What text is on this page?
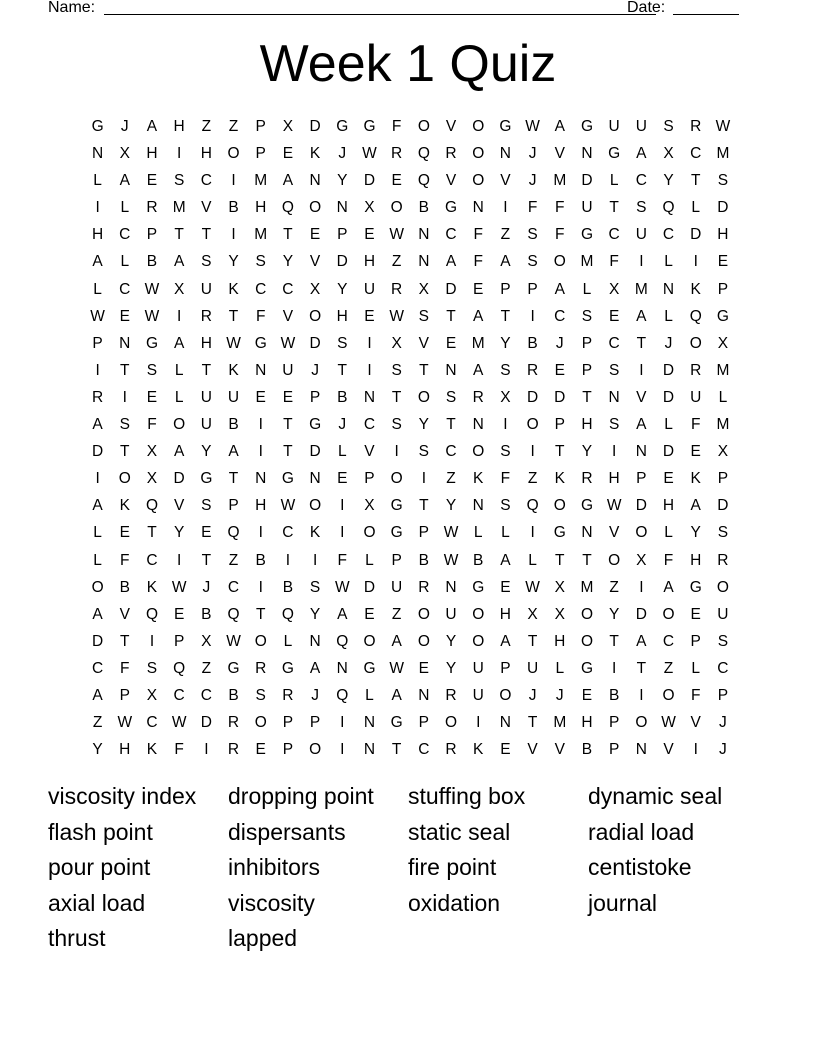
Name:	Date:
Week 1 Quiz
G	J	A	H	Z	Z	P	X	D	G G	F	O	V	O G W A	G	U	U	S	R W
N	X	H	I	H	O	P	E	K	J	W R	Q	R	O	N	J	V	N	G	A	X	C M
L	A	E	S	C	I	M	A	N	Y	D	E	Q	V	O	V	J	M D	L	C	Y	T	S
I	L	R M	V	B	H	Q O	N	X	O	B	G	N	I	F	F	U	T	S	Q	L	D
H	C	P	T	T	I	M	T	E	P	E W N	C	F	Z	S	F	G	C	U	C	D	H
A	L	B	A	S	Y	S	Y	V	D	H	Z	N	A	F	A	S	O M	F	I	L	I	E
L	C W X	U	K	C	C	X	Y	U	R	X	D	E	P	P	A	L	X	M N	K	P
W E W	I	R	T	F	V	O	H	E W S	T	A	T	I	C	S	E	A	L	Q G
P	N	G	A	H W G W D	S	I	X	V	E	M	Y	B	J	P	C	T	J	O	X
I	T	S	L	T	K	N	U	J	T	I	S	T	N	A	S	R	E	P	S	I	D	R M
R	I	E	L	U	U	E	E	P	B	N	T	O	S	R	X	D	D	T	N	V	D	U	L
A	S	F	O	U	B	I	T	G	J	C	S	Y	T	N	I	O	P	H	S	A	L	F	M
D	T	X	A	Y	A	I	T	D	L	V	I	S	C	O	S	I	T	Y	I	N	D	E	X
I	O	X	D	G	T	N	G	N	E	P	O	I	Z	K	F	Z	K	R	H	P	E	K	P
A	K	Q	V	S	P	H W O	I	X	G	T	Y	N	S	Q O G W D	H	A	D
L	E	T	Y	E	Q	I	C	K	I	O G	P W	L	L	I	G	N	V	O	L	Y	S
L	F	C	I	T	Z	B	I	I	F	L	P	B W B	A	L	T	T	O	X	F	H	R
O	B	K W	J	C	I	B	S W D	U	R	N	G	E W X	M	Z	I	A	G O
A	V	Q	E	B	Q	T	Q	Y	A	E	Z	O	U	O	H	X	X	O	Y	D	O	E	U
D	T	I	P	X W O	L	N	Q O	A	O	Y	O	A	T	H	O	T	A	C	P	S
C	F	S	Q	Z	G	R	G	A	N	G W E	Y	U	P	U	L	G	I	T	Z	L	C
A	P	X	C	C	B	S	R	J	Q	L	A	N	R	U	O	J	J	E	B	I	O	F	P
Z W C W D	R	O	P	P	I	N	G	P	O	I	N	T	M H	P	O W V	J
Y	H	K	F	I	R	E	P	O	I	N	T	C	R	K	E	V	V	B	P	N	V	I	J
viscosity index
flash point
pour point
axial load
thrust
dropping point
dispersants
inhibitors
viscosity
lapped
stuffing box
static seal
fire point
oxidation
dynamic seal
radial load
centistoke
journal
